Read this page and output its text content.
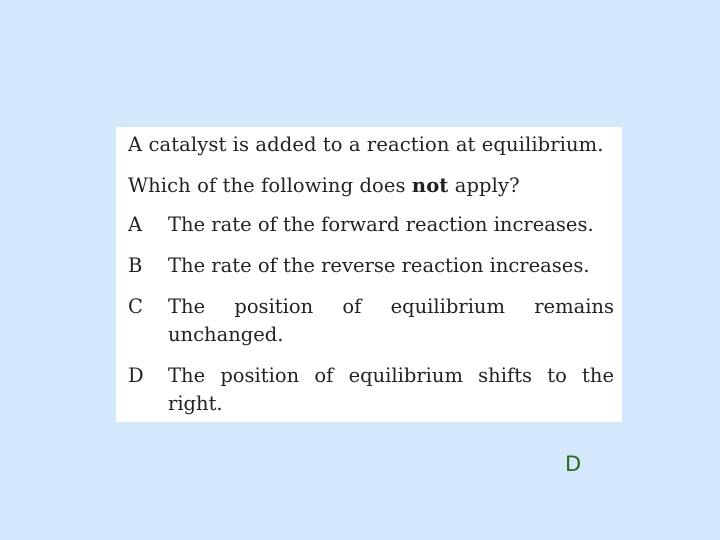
A catalyst is added to a reaction at equilibrium.
Which of the following does not apply?
A	The rate of the forward reaction increases.
B	The rate of the reverse reaction increases.
C	The position of equilibrium remains
unchanged.
D	The position of equilibrium shifts to the
right.
D
